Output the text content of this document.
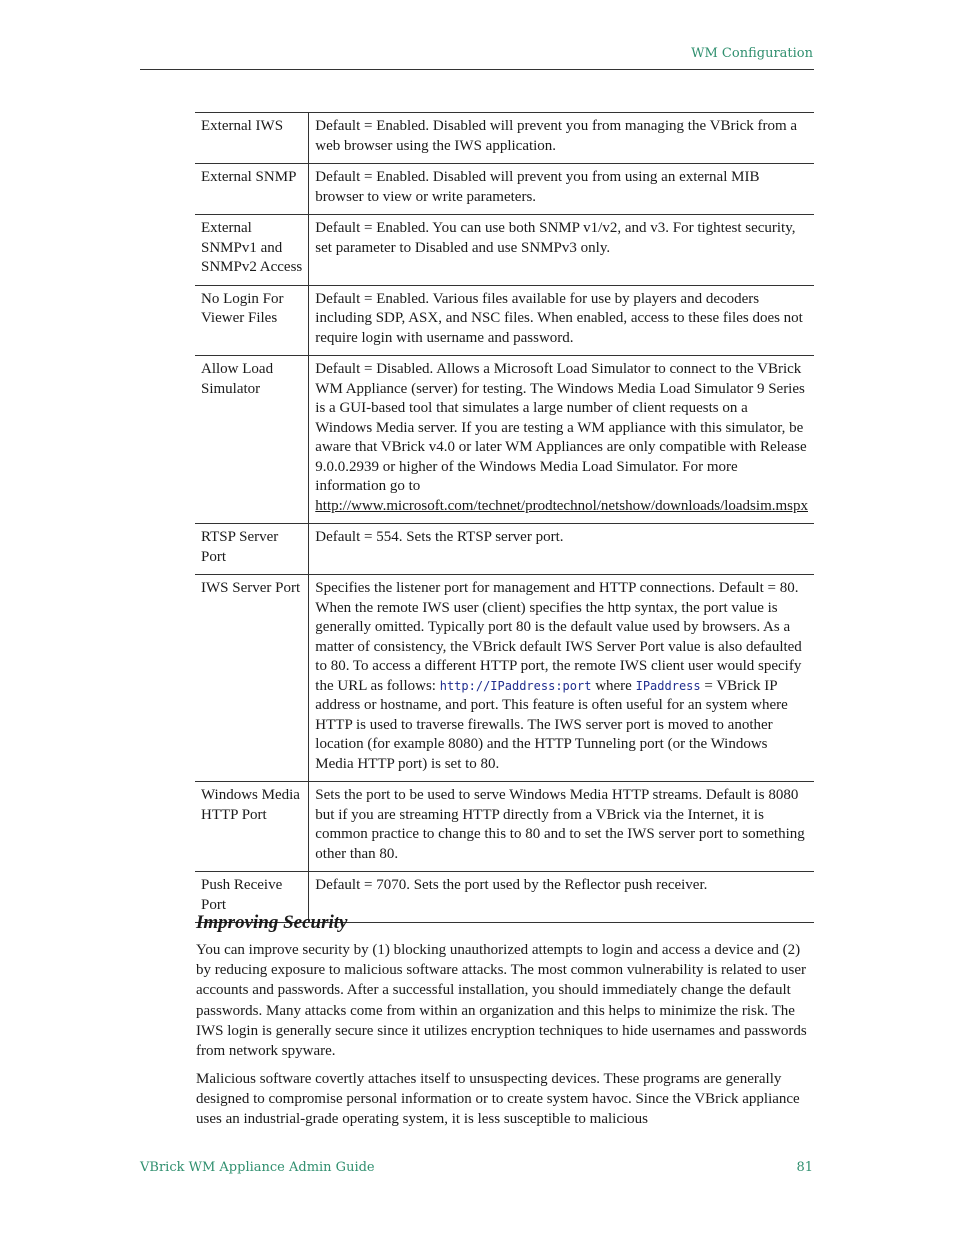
WM Configuration
External IWS	Default = Enabled. Disabled will prevent you from managing the VBrick from a web browser using the IWS application.
External SNMP	Default = Enabled. Disabled will prevent you from using an external MIB browser to view or write parameters.
External SNMPv1 and SNMPv2 Access	Default = Enabled. You can use both SNMP v1/v2, and v3. For tightest security, set parameter to Disabled and use SNMPv3 only.
No Login For Viewer Files	Default = Enabled. Various files available for use by players and decoders including SDP, ASX, and NSC files. When enabled, access to these files does not require login with username and password.
Allow Load Simulator	Default = Disabled. Allows a Microsoft Load Simulator to connect to the VBrick WM Appliance (server) for testing. The Windows Media Load Simulator 9 Series is a GUI-based tool that simulates a large number of client requests on a Windows Media server. If you are testing a WM appliance with this simulator, be aware that VBrick v4.0 or later WM Appliances are only compatible with Release 9.0.0.2939 or higher of the Windows Media Load Simulator. For more information go to http://www.microsoft.com/technet/prodtechnol/netshow/downloads/loadsim.mspx
RTSP Server Port	Default = 554. Sets the RTSP server port.
IWS Server Port	Specifies the listener port for management and HTTP connections. Default = 80. When the remote IWS user (client) specifies the http syntax, the port value is generally omitted. Typically port 80 is the default value used by browsers. As a matter of consistency, the VBrick default IWS Server Port value is also defaulted to 80. To access a different HTTP port, the remote IWS client user would specify the URL as follows: http://IPaddress:port where IPaddress = VBrick IP address or hostname, and port. This feature is often useful for an system where HTTP is used to traverse firewalls. The IWS server port is moved to another location (for example 8080) and the HTTP Tunneling port (or the Windows Media HTTP port) is set to 80.
Windows Media HTTP Port	Sets the port to be used to serve Windows Media HTTP streams. Default is 8080 but if you are streaming HTTP directly from a VBrick via the Internet, it is common practice to change this to 80 and to set the IWS server port to something other than 80.
Push Receive Port	Default = 7070. Sets the port used by the Reflector push receiver.
Improving Security

You can improve security by (1) blocking unauthorized attempts to login and access a device and (2) by reducing exposure to malicious software attacks. The most common vulnerability is related to user accounts and passwords. After a successful installation, you should immediately change the default passwords. Many attacks come from within an organization and this helps to minimize the risk. The IWS login is generally secure since it utilizes encryption techniques to hide usernames and passwords from network spyware.

Malicious software covertly attaches itself to unsuspecting devices. These programs are generally designed to compromise personal information or to create system havoc. Since the VBrick appliance uses an industrial-grade operating system, it is less susceptible to malicious

VBrick WM Appliance Admin Guide	81
